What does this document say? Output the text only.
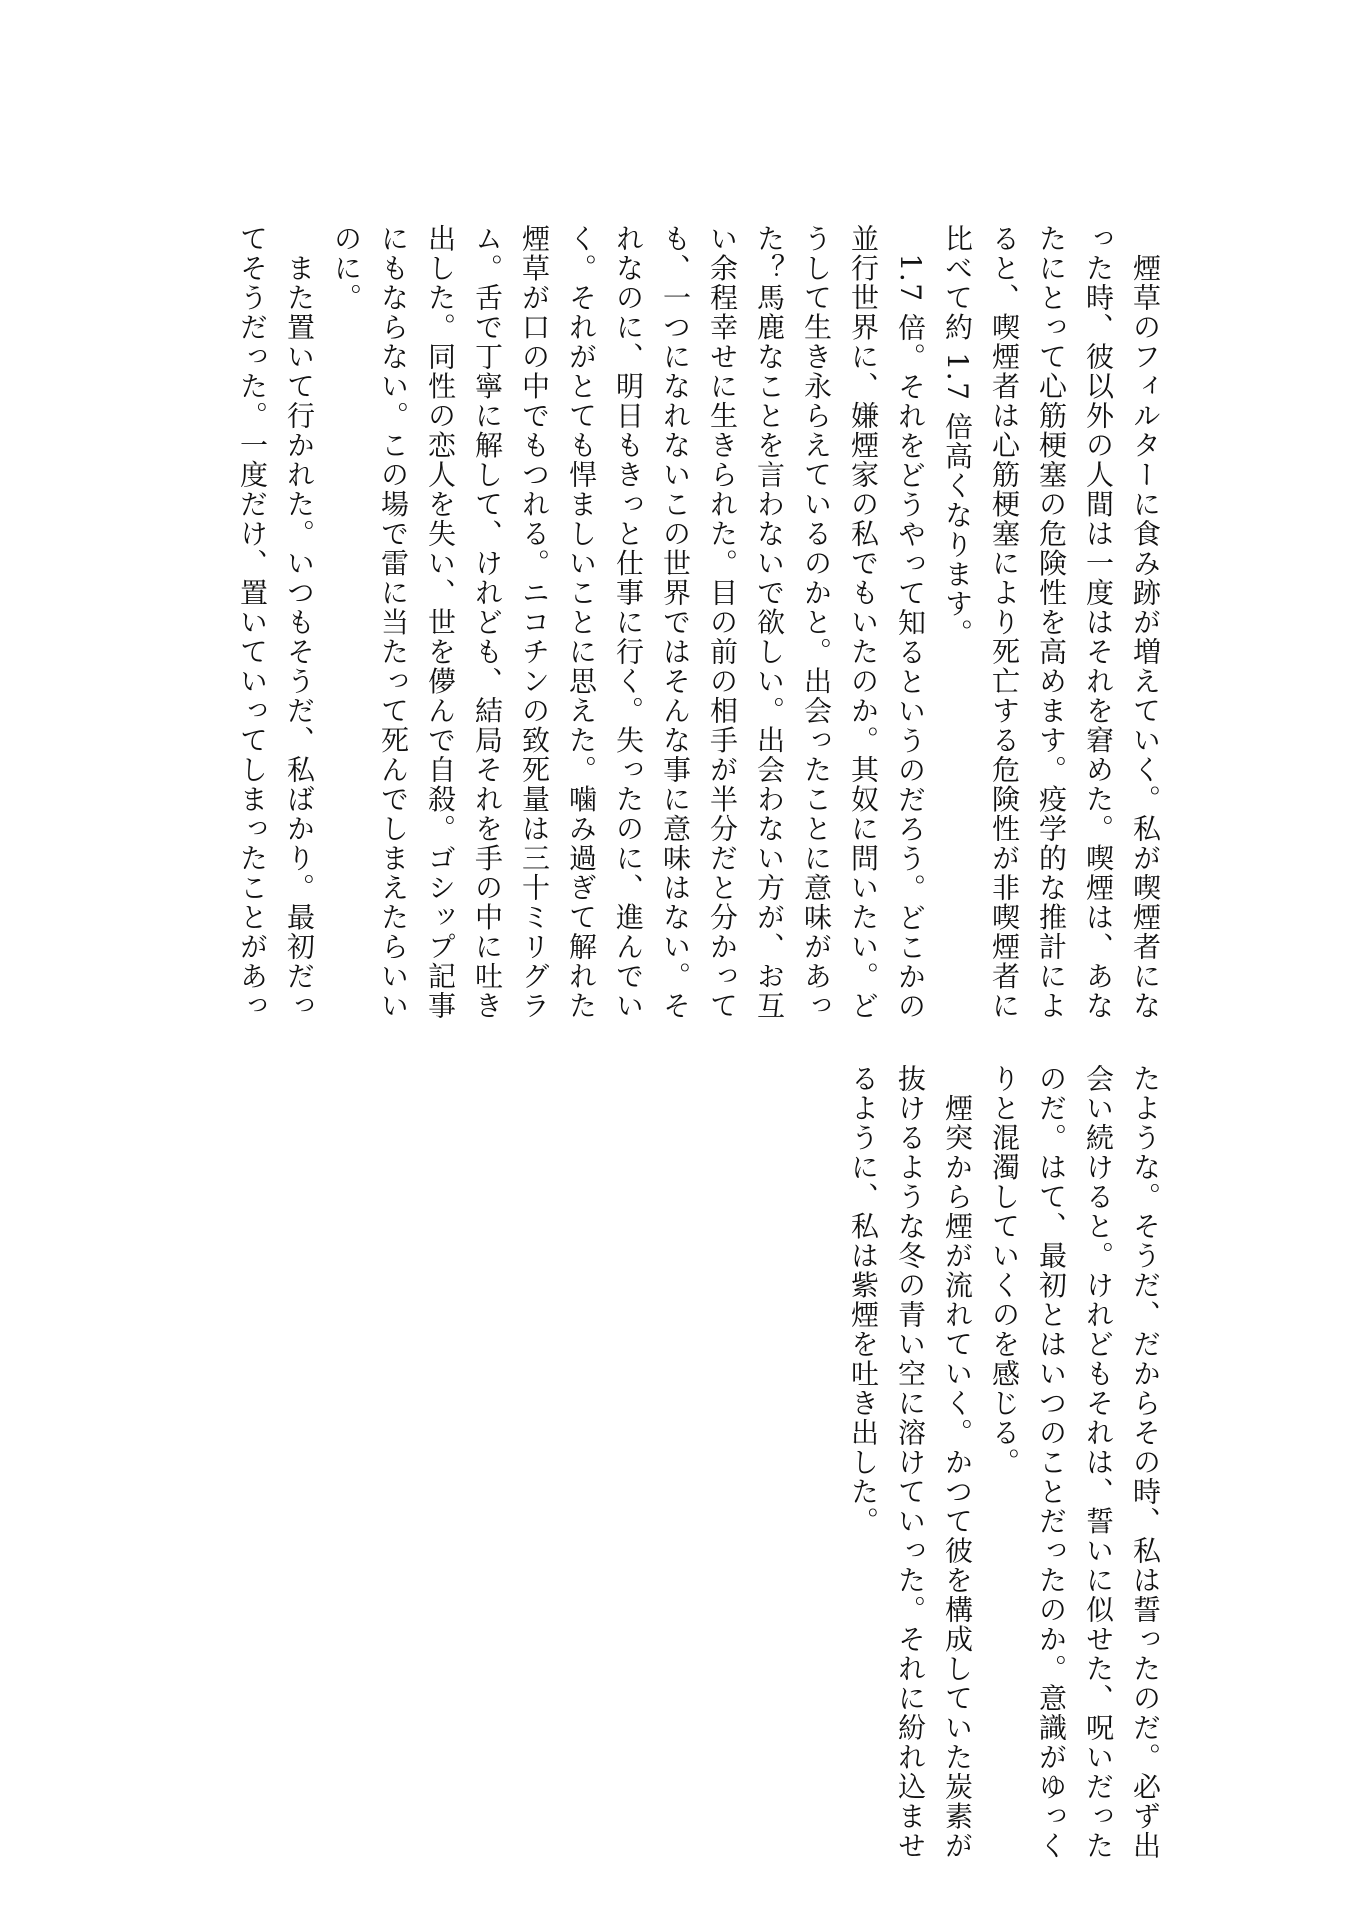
　煙草のフィルターに食み跡が増えていく。私が喫煙者にな
った時、彼以外の人間は一度はそれを窘めた。喫煙は、あな
たにとって心筋梗塞の危険性を高めます。疫学的な推計によ
ると、喫煙者は心筋梗塞により死亡する危険性が非喫煙者に
比べて約 1.7 倍高くなります。
　1.7 倍。それをどうやって知るというのだろう。どこかの
並行世界に、嫌煙家の私でもいたのか。其奴に問いたい。ど
うして生き永らえているのかと。出会ったことに意味があっ
た？馬鹿なことを言わないで欲しい。出会わない方が、お互
い余程幸せに生きられた。目の前の相手が半分だと分かって
も、一つになれないこの世界ではそんな事に意味はない。そ
れなのに、明日もきっと仕事に行く。失ったのに、進んでい
く。それがとても悍ましいことに思えた。噛み過ぎて解れた
煙草が口の中でもつれる。ニコチンの致死量は三十ミリグラ
ム。舌で丁寧に解して、けれども、結局それを手の中に吐き
出した。同性の恋人を失い、世を儚んで自殺。ゴシップ記事
にもならない。この場で雷に当たって死んでしまえたらいい
のに。
　また置いて行かれた。いつもそうだ、私ばかり。最初だっ
てそうだった。一度だけ、置いていってしまったことがあっ
たような。そうだ、だからその時、私は誓ったのだ。必ず出
会い続けると。けれどもそれは、誓いに似せた、呪いだった
のだ。はて、最初とはいつのことだったのか。意識がゆっく
りと混濁していくのを感じる。
　煙突から煙が流れていく。かつて彼を構成していた炭素が
抜けるような冬の青い空に溶けていった。それに紛れ込ませ
るように、私は紫煙を吐き出した。
